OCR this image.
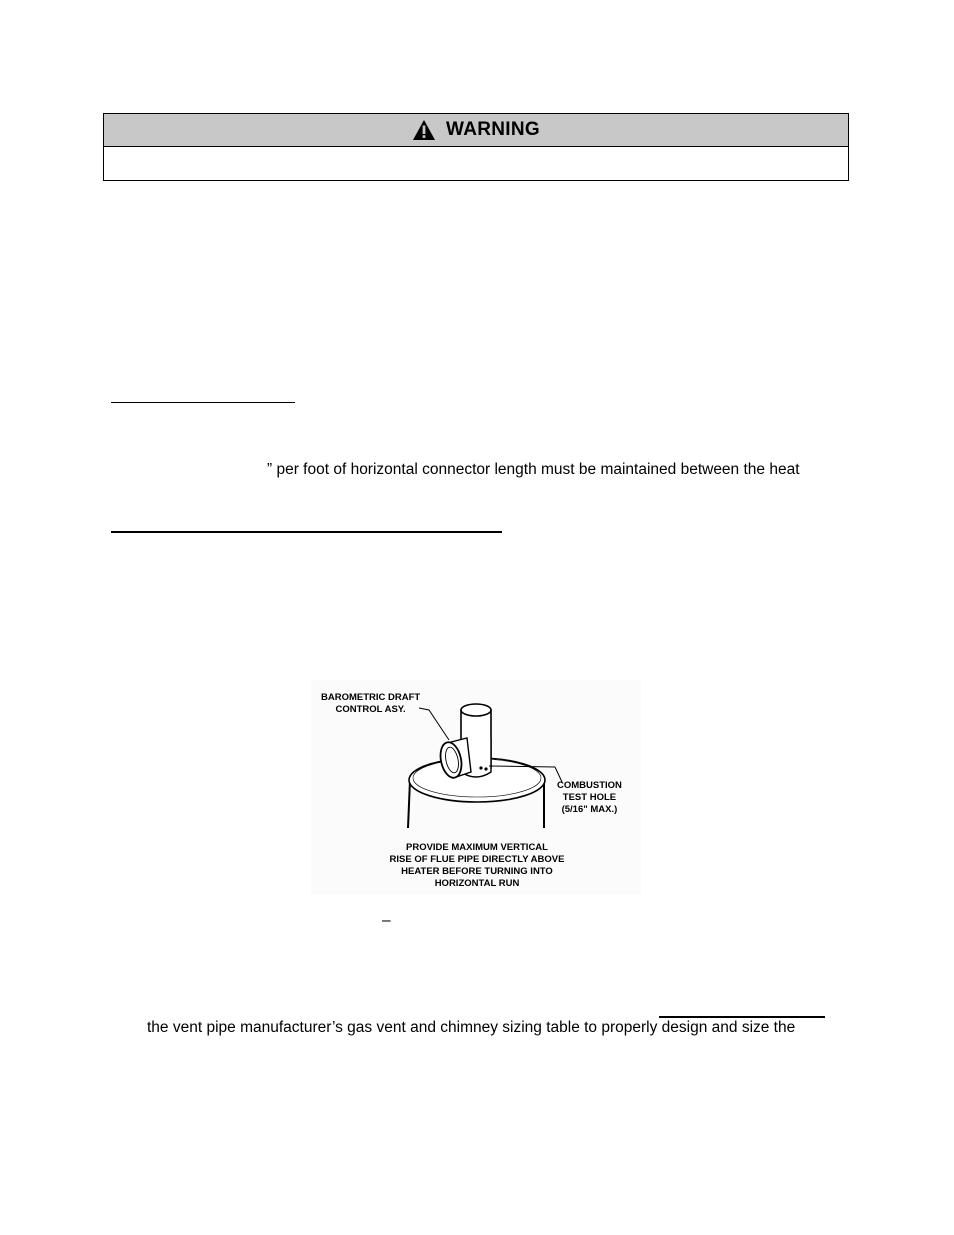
WARNING
” per foot of horizontal connector length must be maintained between the heat
–
the vent pipe manufacturer’s gas vent and chimney sizing table to properly design and size the
BAROMETRIC DRAFT
CONTROL ASY.
COMBUSTION
TEST HOLE
(5/16" MAX.)
PROVIDE MAXIMUM VERTICAL
RISE OF FLUE PIPE DIRECTLY ABOVE
HEATER BEFORE TURNING INTO
HORIZONTAL RUN
